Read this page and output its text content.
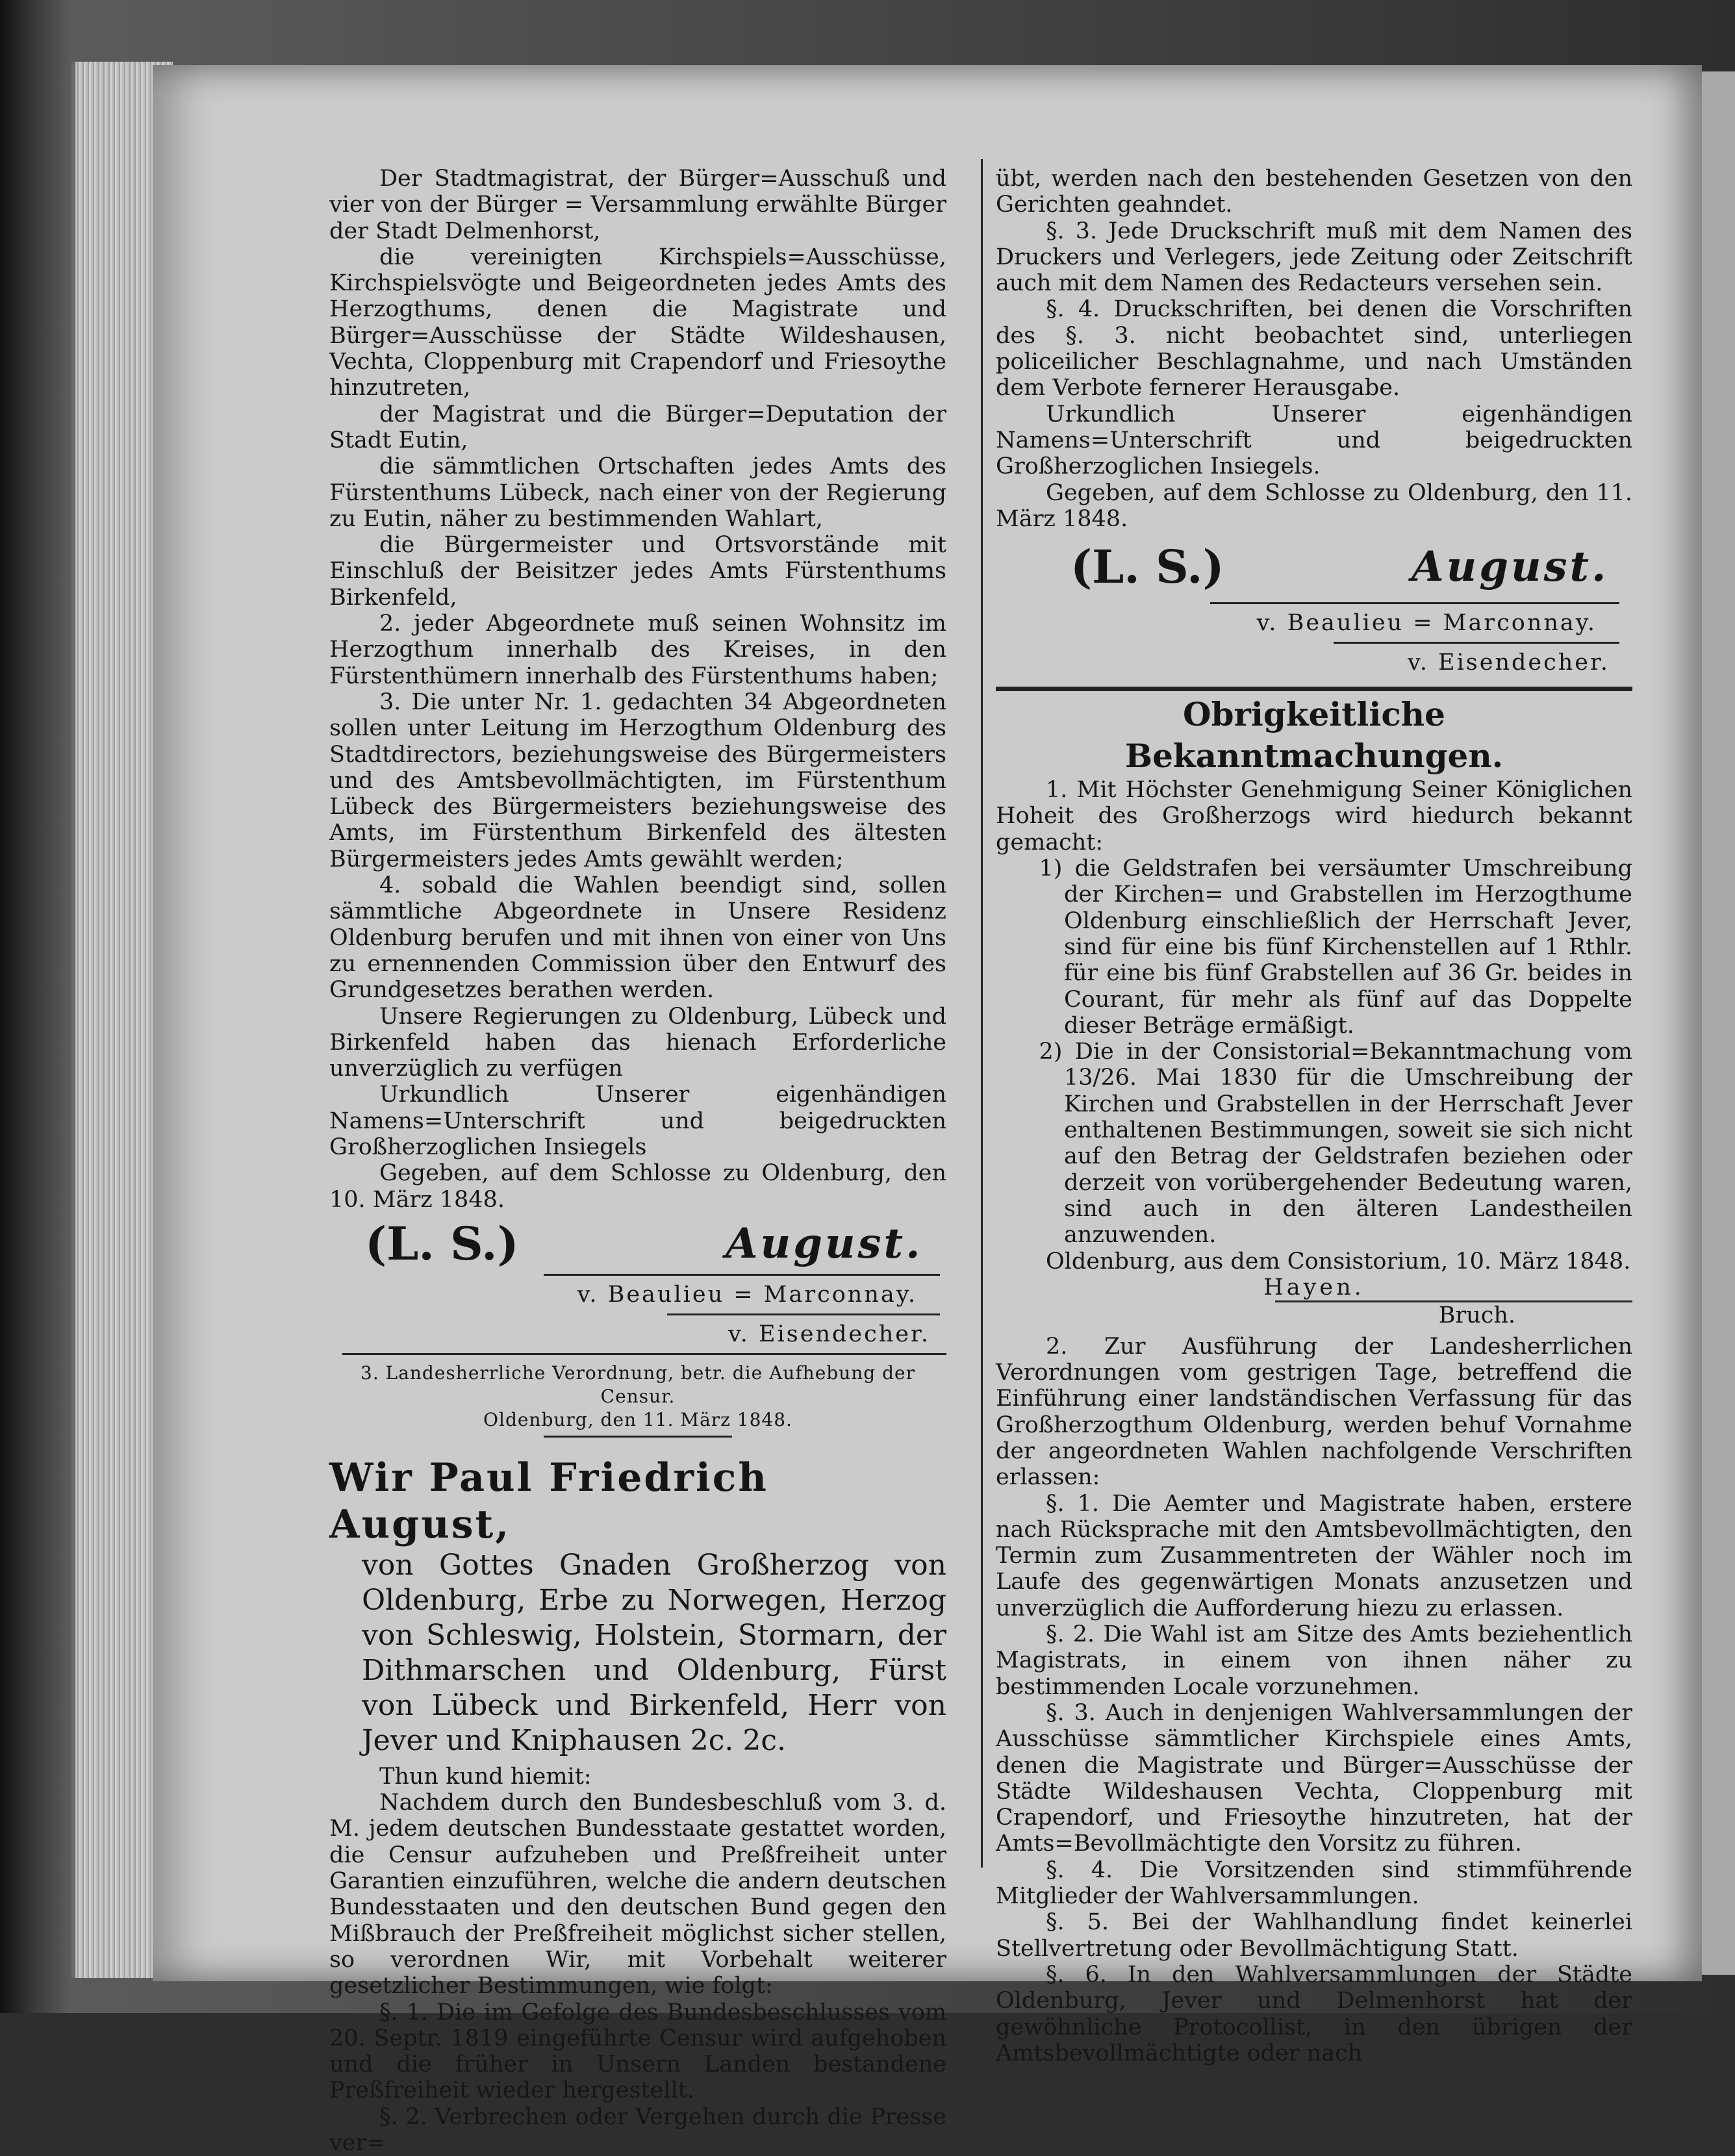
Der Stadtmagistrat, der Bürger=Ausschuß und vier von der Bürger = Versammlung erwählte Bürger der Stadt Delmenhorst,

die vereinigten Kirchspiels=Ausschüsse, Kirchspielsvögte und Beigeordneten jedes Amts des Herzogthums, denen die Magistrate und Bürger=Ausschüsse der Städte Wildeshausen, Vechta, Cloppenburg mit Crapendorf und Friesoythe hinzutreten,

der Magistrat und die Bürger=Deputation der Stadt Eutin,

die sämmtlichen Ortschaften jedes Amts des Fürstenthums Lübeck, nach einer von der Regierung zu Eutin, näher zu bestimmenden Wahlart,

die Bürgermeister und Ortsvorstände mit Einschluß der Beisitzer jedes Amts Fürstenthums Birkenfeld,

2. jeder Abgeordnete muß seinen Wohnsitz im Herzogthum innerhalb des Kreises, in den Fürstenthümern innerhalb des Fürstenthums haben;

3. Die unter Nr. 1. gedachten 34 Abgeordneten sollen unter Leitung im Herzogthum Oldenburg des Stadtdirectors, beziehungsweise des Bürgermeisters und des Amtsbevollmächtigten, im Fürstenthum Lübeck des Bürgermeisters beziehungsweise des Amts, im Fürstenthum Birkenfeld des ältesten Bürgermeisters jedes Amts gewählt werden;

4. sobald die Wahlen beendigt sind, sollen sämmtliche Abgeordnete in Unsere Residenz Oldenburg berufen und mit ihnen von einer von Uns zu ernennenden Commission über den Entwurf des Grundgesetzes berathen werden.

Unsere Regierungen zu Oldenburg, Lübeck und Birkenfeld haben das hienach Erforderliche unverzüglich zu verfügen

Urkundlich Unserer eigenhändigen Namens=Unterschrift und beigedruckten Großherzoglichen Insiegels

Gegeben, auf dem Schlosse zu Oldenburg, den 10. März 1848.

(L. S.)	August.
v. Beaulieu = Marconnay.
v. Eisendecher.
3. Landesherrliche Verordnung, betr. die Aufhebung der Censur.
Oldenburg, den 11. März 1848.
Wir Paul Friedrich August,
von Gottes Gnaden Großherzog von Oldenburg, Erbe zu Norwegen, Herzog von Schleswig, Holstein, Stormarn, der Dithmarschen und Oldenburg, Fürst von Lübeck und Birkenfeld, Herr von Jever und Kniphausen 2c. 2c.

Thun kund hiemit:

Nachdem durch den Bundesbeschluß vom 3. d. M. jedem deutschen Bundesstaate gestattet worden, die Censur aufzuheben und Preßfreiheit unter Garantien einzuführen, welche die andern deutschen Bundesstaaten und den deutschen Bund gegen den Mißbrauch der Preßfreiheit möglichst sicher stellen, so verordnen Wir, mit Vorbehalt weiterer gesetzlicher Bestimmungen, wie folgt:

§. 1. Die im Gefolge des Bundesbeschlusses vom 20. Septr. 1819 eingeführte Censur wird aufgehoben und die früher in Unsern Landen bestandene Preßfreiheit wieder hergestellt.

§. 2. Verbrechen oder Vergehen durch die Presse ver=

übt, werden nach den bestehenden Gesetzen von den Gerichten geahndet.

§. 3. Jede Druckschrift muß mit dem Namen des Druckers und Verlegers, jede Zeitung oder Zeitschrift auch mit dem Namen des Redacteurs versehen sein.

§. 4. Druckschriften, bei denen die Vorschriften des §. 3. nicht beobachtet sind, unterliegen policeilicher Beschlagnahme, und nach Umständen dem Verbote fernerer Herausgabe.

Urkundlich Unserer eigenhändigen Namens=Unterschrift und beigedruckten Großherzoglichen Insiegels.

Gegeben, auf dem Schlosse zu Oldenburg, den 11. März 1848.

(L. S.)	August.
v. Beaulieu = Marconnay.
v. Eisendecher.
Obrigkeitliche Bekanntmachungen.

1. Mit Höchster Genehmigung Seiner Königlichen Hoheit des Großherzogs wird hiedurch bekannt gemacht:

1) die Geldstrafen bei versäumter Umschreibung der Kirchen= und Grabstellen im Herzogthume Oldenburg einschließlich der Herrschaft Jever, sind für eine bis fünf Kirchenstellen auf 1 Rthlr. für eine bis fünf Grabstellen auf 36 Gr. beides in Courant, für mehr als fünf auf das Doppelte dieser Beträge ermäßigt.

2) Die in der Consistorial=Bekanntmachung vom 13/26. Mai 1830 für die Umschreibung der Kirchen und Grabstellen in der Herrschaft Jever enthaltenen Bestimmungen, soweit sie sich nicht auf den Betrag der Geldstrafen beziehen oder derzeit von vorübergehender Bedeutung waren, sind auch in den älteren Landestheilen anzuwenden.

Oldenburg, aus dem Consistorium, 10. März 1848.

Hayen.
Bruch.

2. Zur Ausführung der Landesherrlichen Verordnungen vom gestrigen Tage, betreffend die Einführung einer landständischen Verfassung für das Großherzogthum Oldenburg, werden behuf Vornahme der angeordneten Wahlen nachfolgende Verschriften erlassen:

§. 1. Die Aemter und Magistrate haben, erstere nach Rücksprache mit den Amtsbevollmächtigten, den Termin zum Zusammentreten der Wähler noch im Laufe des gegenwärtigen Monats anzusetzen und unverzüglich die Aufforderung hiezu zu erlassen.

§. 2. Die Wahl ist am Sitze des Amts beziehentlich Magistrats, in einem von ihnen näher zu bestimmenden Locale vorzunehmen.

§. 3. Auch in denjenigen Wahlversammlungen der Ausschüsse sämmtlicher Kirchspiele eines Amts, denen die Magistrate und Bürger=Ausschüsse der Städte Wildeshausen Vechta, Cloppenburg mit Crapendorf, und Friesoythe hinzutreten, hat der Amts=Bevollmächtigte den Vorsitz zu führen.

§. 4. Die Vorsitzenden sind stimmführende Mitglieder der Wahlversammlungen.

§. 5. Bei der Wahlhandlung findet keinerlei Stellvertretung oder Bevollmächtigung Statt.

§. 6. In den Wahlversammlungen der Städte Oldenburg, Jever und Delmenhorst hat der gewöhnliche Protocollist, in den übrigen der Amtsbevollmächtigte oder nach
